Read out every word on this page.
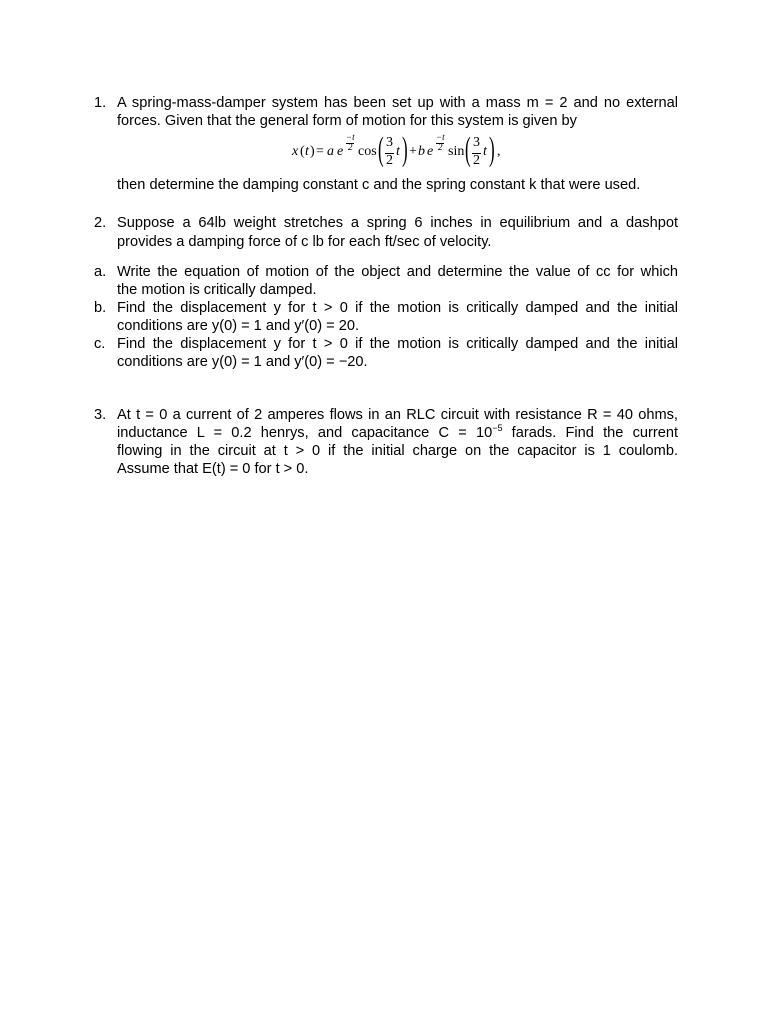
1. A spring-mass-damper system has been set up with a mass m = 2 and no external
forces. Given that the general form of motion for this system is given by
then determine the damping constant c and the spring constant k that were used.
x ( t ) = a e
−t
2 cos ( 3
2
t ) + b e
−t
2 sin ( 3
2
t ) ,
2. Suppose a 64lb weight stretches a spring 6 inches in equilibrium and a dashpot
provides a damping force of c lb for each ft/sec of velocity.
a. Write the equation of motion of the object and determine the value of cc for which
the motion is critically damped.
b. Find the displacement y for t > 0 if the motion is critically damped and the initial
conditions are y(0) = 1 and y′(0) = 20.
c. Find the displacement y for t > 0 if the motion is critically damped and the initial
conditions are y(0) = 1 and y′(0) = −20.
3. At t = 0 a current of 2 amperes flows in an RLC circuit with resistance R = 40 ohms,
inductance L = 0.2 henrys, and capacitance $C = 10^{-5}$ farads. Find the current
flowing in the circuit at t > 0 if the initial charge on the capacitor is 1 coulomb.
Assume that E(t) = 0 for t > 0.
